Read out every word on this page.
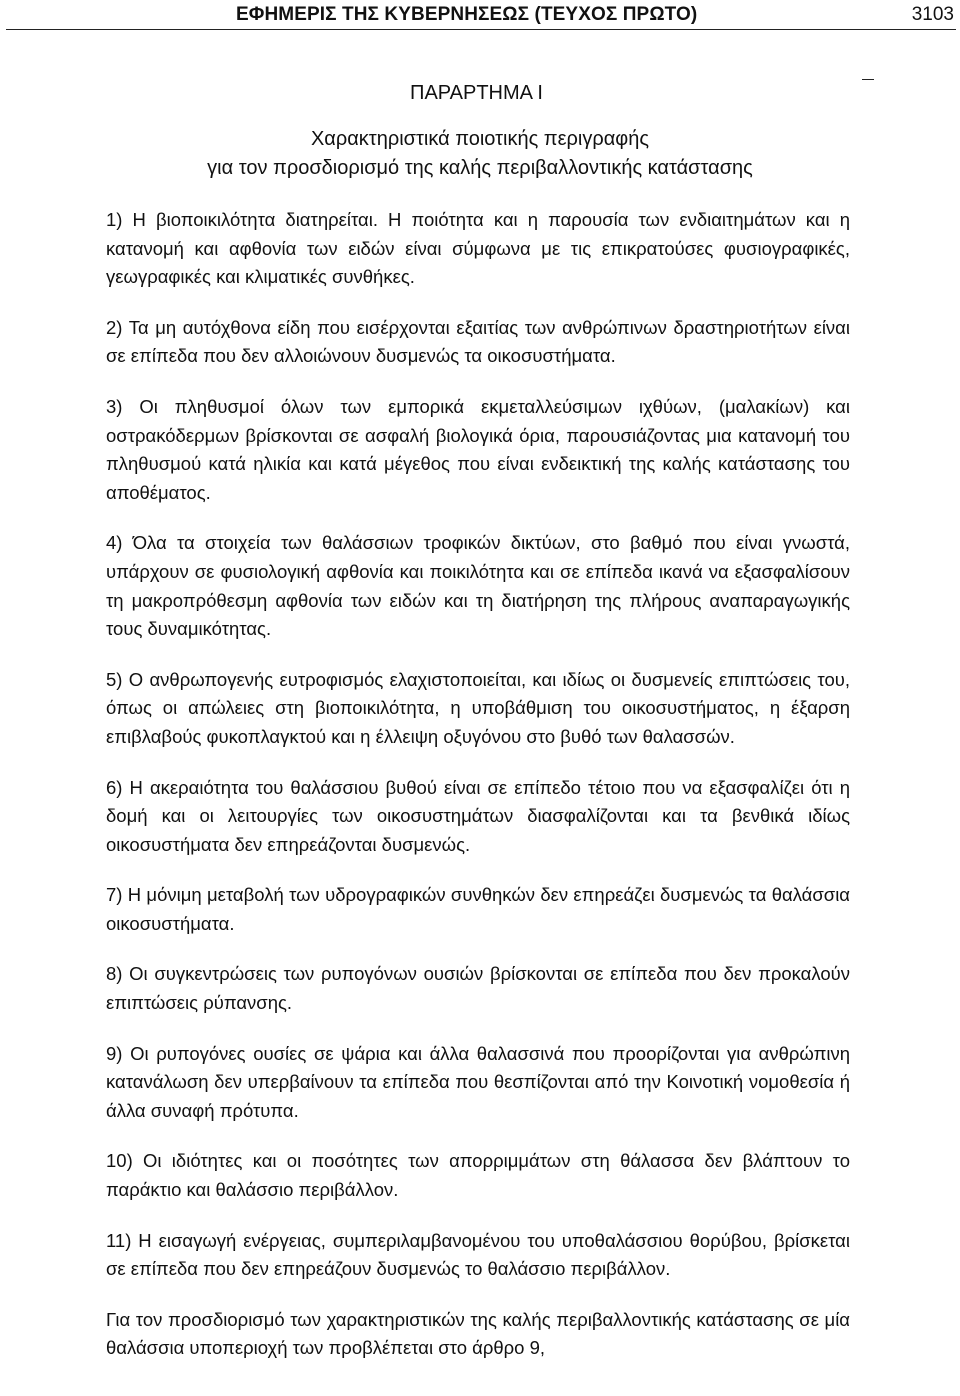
ΕΦΗΜΕΡΙΣ ΤΗΣ ΚΥΒΕΡΝΗΣΕΩΣ (ΤΕΥΧΟΣ ΠΡΩΤΟ)	3103
ΠΑΡΑΡΤΗΜΑ Ι
Χαρακτηριστικά ποιοτικής περιγραφής
για τον προσδιορισμό της καλής περιβαλλοντικής κατάστασης

1) Η βιοποικιλότητα διατηρείται. Η ποιότητα και η παρουσία των ενδιαιτημάτων και η κατανομή και αφθονία των ειδών είναι σύμφωνα με τις επικρατούσες φυσιογραφικές, γεωγραφικές και κλιματικές συνθήκες.

2) Τα μη αυτόχθονα είδη που εισέρχονται εξαιτίας των ανθρώπινων δραστηριοτήτων είναι σε επίπεδα που δεν αλλοιώνουν δυσμενώς τα οικοσυστήματα.

3) Οι πληθυσμοί όλων των εμπορικά εκμεταλλεύσιμων ιχθύων, (μαλακίων) και οστρακόδερμων βρίσκονται σε ασφαλή βιολογικά όρια, παρουσιάζοντας μια κατανομή του πληθυσμού κατά ηλικία και κατά μέγεθος που είναι ενδεικτική της καλής κατάστασης του αποθέματος.

4) Όλα τα στοιχεία των θαλάσσιων τροφικών δικτύων, στο βαθμό που είναι γνωστά, υπάρχουν σε φυσιολογική αφθονία και ποικιλότητα και σε επίπεδα ικανά να εξασφαλίσουν τη μακροπρόθεσμη αφθονία των ειδών και τη διατήρηση της πλήρους αναπαραγωγικής τους δυναμικότητας.

5) Ο ανθρωπογενής ευτροφισμός ελαχιστοποιείται, και ιδίως οι δυσμενείς επιπτώσεις του, όπως οι απώλειες στη βιοποικιλότητα, η υποβάθμιση του οικοσυστήματος, η έξαρση επιβλαβούς φυκοπλαγκτού και η έλλειψη οξυγόνου στο βυθό των θαλασσών.

6) Η ακεραιότητα του θαλάσσιου βυθού είναι σε επίπεδο τέτοιο που να εξασφαλίζει ότι η δομή και οι λειτουργίες των οικοσυστημάτων διασφαλίζονται και τα βενθικά ιδίως οικοσυστήματα δεν επηρεάζονται δυσμενώς.

7) Η μόνιμη μεταβολή των υδρογραφικών συνθηκών δεν επηρεάζει δυσμενώς τα θαλάσσια οικοσυστήματα.

8) Οι συγκεντρώσεις των ρυπογόνων ουσιών βρίσκονται σε επίπεδα που δεν προκαλούν επιπτώσεις ρύπανσης.

9) Οι ρυπογόνες ουσίες σε ψάρια και άλλα θαλασσινά που προορίζονται για ανθρώπινη κατανάλωση δεν υπερβαίνουν τα επίπεδα που θεσπίζονται από την Κοινοτική νομοθεσία ή άλλα συναφή πρότυπα.

10) Οι ιδιότητες και οι ποσότητες των απορριμμάτων στη θάλασσα δεν βλάπτουν το παράκτιο και θαλάσσιο περιβάλλον.

11) Η εισαγωγή ενέργειας, συμπεριλαμβανομένου του υποθαλάσσιου θορύβου, βρίσκεται σε επίπεδα που δεν επηρεάζουν δυσμενώς το θαλάσσιο περιβάλλον.

Για τον προσδιορισμό των χαρακτηριστικών της καλής περιβαλλοντικής κατάστασης σε μία θαλάσσια υποπεριοχή των προβλέπεται στο άρθρο 9,
